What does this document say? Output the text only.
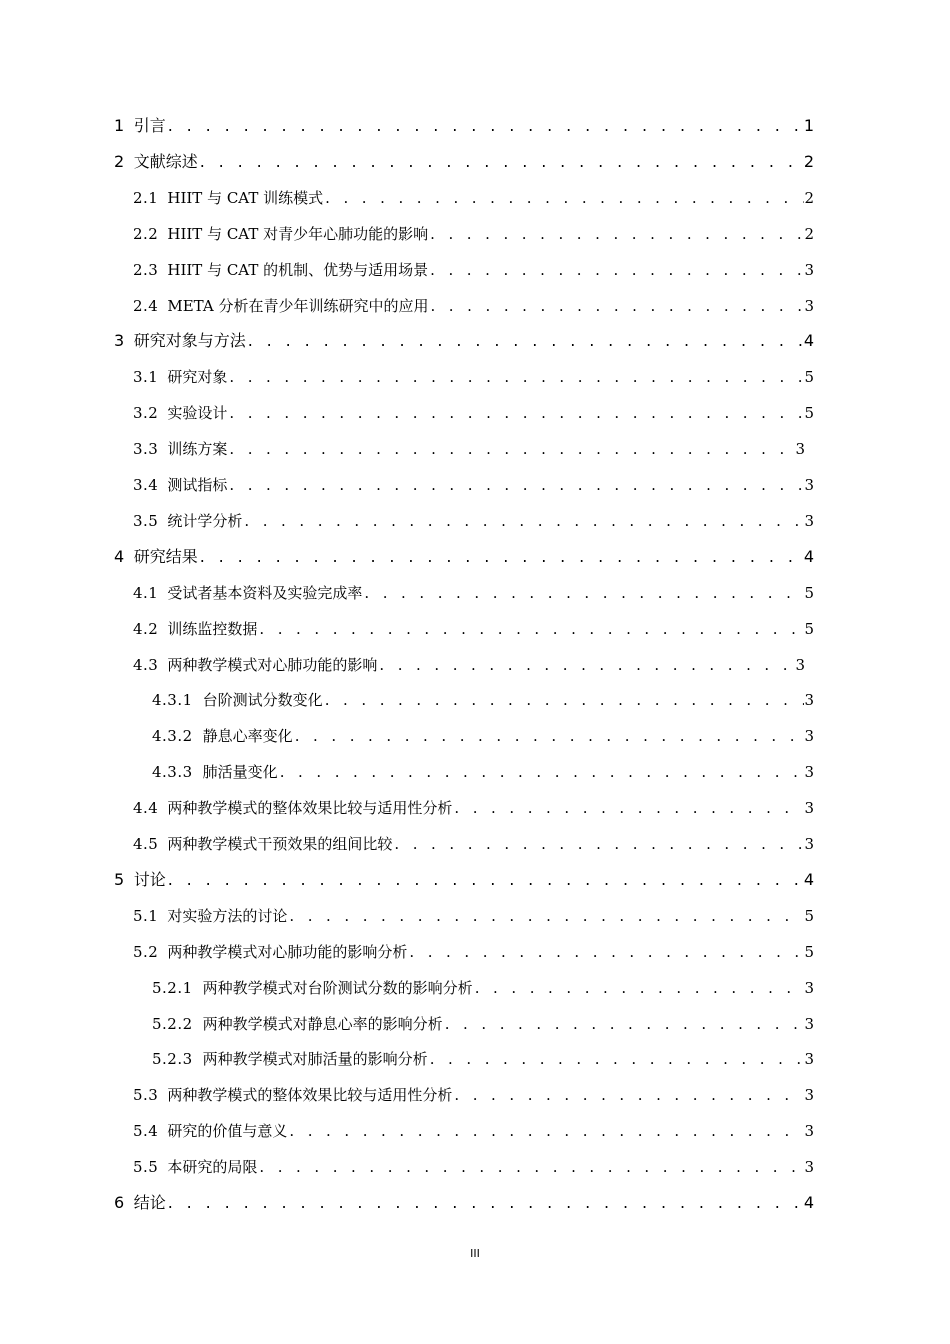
1 引言 . . .	1
2 文献综述 . . .	2
2.1 HIIT 与 CAT 训练模式 . . .	2
2.2 HIIT 与 CAT 对青少年心肺功能的影响 . . .	2
2.3 HIIT 与 CAT 的机制、优势与适用场景 . . .	3
2.4 META 分析在青少年训练研究中的应用 . . .	3
3 研究对象与方法 . . .	4
3.1 研究对象 . . .	5
3.2 实验设计 . . .	5
3.3 训练方案 . . .	3
3.4 测试指标 . . .	3
3.5 统计学分析 . . .	3
4 研究结果 . . .	4
4.1 受试者基本资料及实验完成率 . . .	5
4.2 训练监控数据 . . .	5
4.3 两种教学模式对心肺功能的影响 . . .	3
4.3.1 台阶测试分数变化 . . .	3
4.3.2 静息心率变化 . . .	3
4.3.3 肺活量变化 . . .	3
4.4 两种教学模式的整体效果比较与适用性分析 . . .	3
4.5 两种教学模式干预效果的组间比较 . . .	3
5 讨论 . . .	4
5.1 对实验方法的讨论 . . .	5
5.2 两种教学模式对心肺功能的影响分析 . . .	5
5.2.1 两种教学模式对台阶测试分数的影响分析 . . .	3
5.2.2 两种教学模式对静息心率的影响分析 . . .	3
5.2.3 两种教学模式对肺活量的影响分析 . . .	3
5.3 两种教学模式的整体效果比较与适用性分析 . . .	3
5.4 研究的价值与意义 . . .	3
5.5 本研究的局限 . . .	3
6 结论 . . .	4
III
